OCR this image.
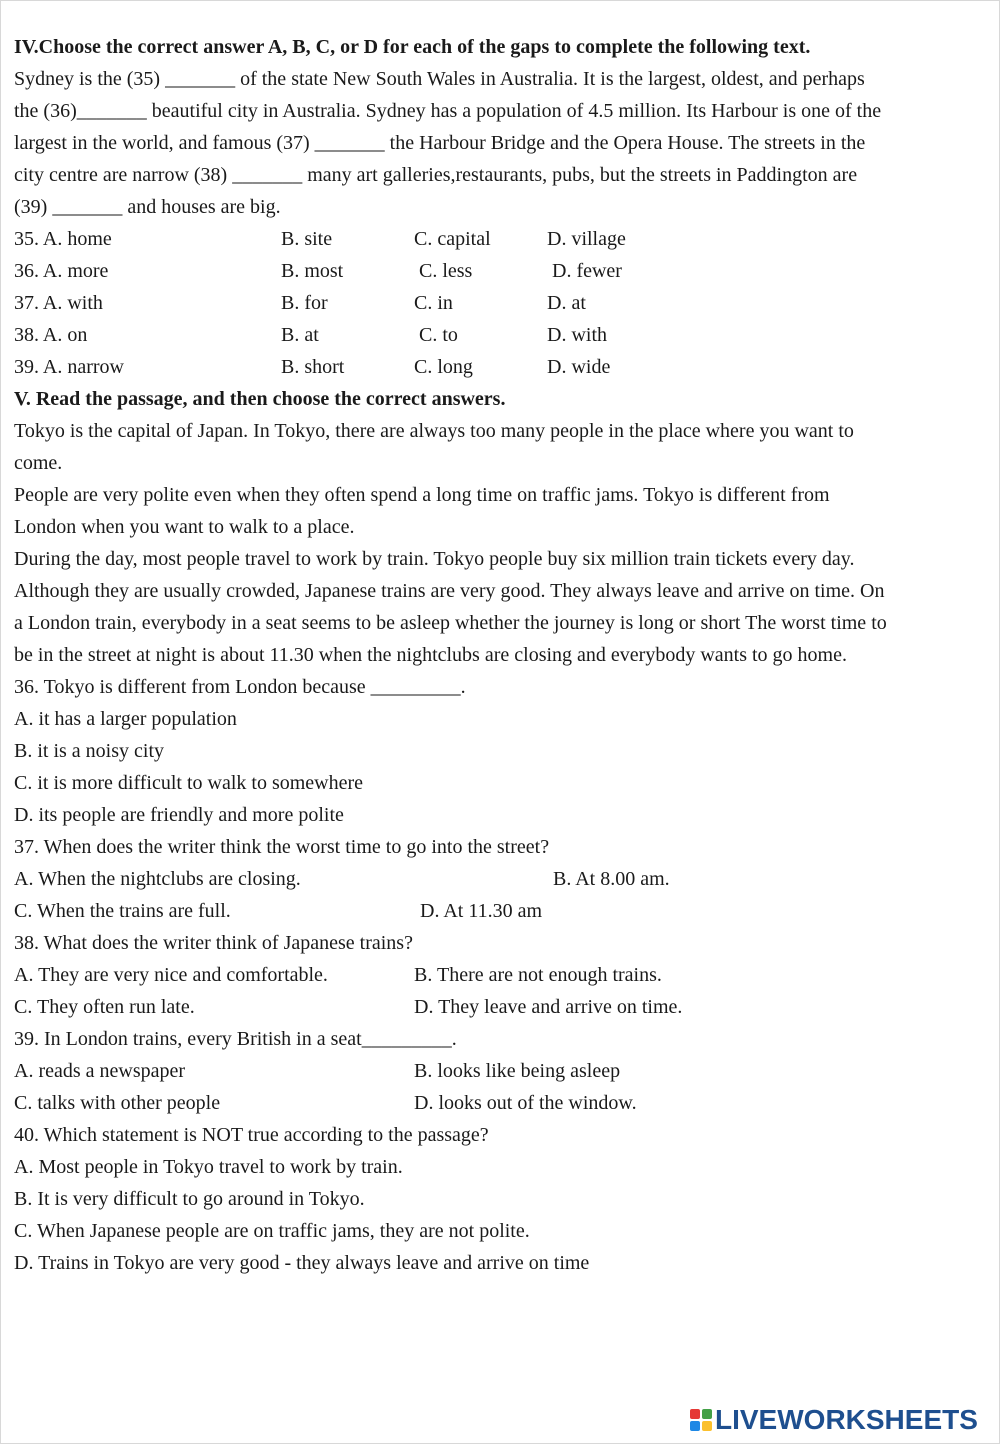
IV.Choose the correct answer A, B, C, or D for each of the gaps to complete the following text.
Sydney is the (35) _______ of the state New South Wales in Australia. It is the largest, oldest, and perhaps
the (36)_______ beautiful city in Australia. Sydney has a population of 4.5 million. Its Harbour is one of the
largest in the world, and famous (37) _______ the Harbour Bridge and the Opera House. The streets in the
city centre are narrow (38) _______ many art galleries,restaurants, pubs, but the streets in Paddington are
(39) _______ and houses are big.
35. A. home	B. site	C. capital	D. village
36. A. more	B. most	C. less	D. fewer
37. A. with	B. for	C. in	D. at
38. A. on	B. at	C. to	D. with
39. A. narrow	B. short	C. long	D. wide
V. Read the passage, and then choose the correct answers.
Tokyo is the capital of Japan. In Tokyo, there are always too many people in the place where you want to
come.
People are very polite even when they often spend a long time on traffic jams. Tokyo is different from
London when you want to walk to a place.
During the day, most people travel to work by train. Tokyo people buy six million train tickets every day.
Although they are usually crowded, Japanese trains are very good. They always leave and arrive on time. On
a London train, everybody in a seat seems to be asleep whether the journey is long or short The worst time to
be in the street at night is about 11.30 when the nightclubs are closing and everybody wants to go home.
36. Tokyo is different from London because _________.
A. it has a larger population
B. it is a noisy city
C. it is more difficult to walk to somewhere
D. its people are friendly and more polite
37. When does the writer think the worst time to go into the street?
A. When the nightclubs are closing.	B. At 8.00 am.
C. When the trains are full.	D. At 11.30 am
38. What does the writer think of Japanese trains?
A. They are very nice and comfortable.	B. There are not enough trains.
C. They often run late.	D. They leave and arrive on time.
39. In London trains, every British in a seat_________.
A. reads a newspaper	B. looks like being asleep
C. talks with other people	D. looks out of the window.
40. Which statement is NOT true according to the passage?
A. Most people in Tokyo travel to work by train.
B. It is very difficult to go around in Tokyo.
C. When Japanese people are on traffic jams, they are not polite.
D. Trains in Tokyo are very good - they always leave and arrive on time
LIVEWORKSHEETS
